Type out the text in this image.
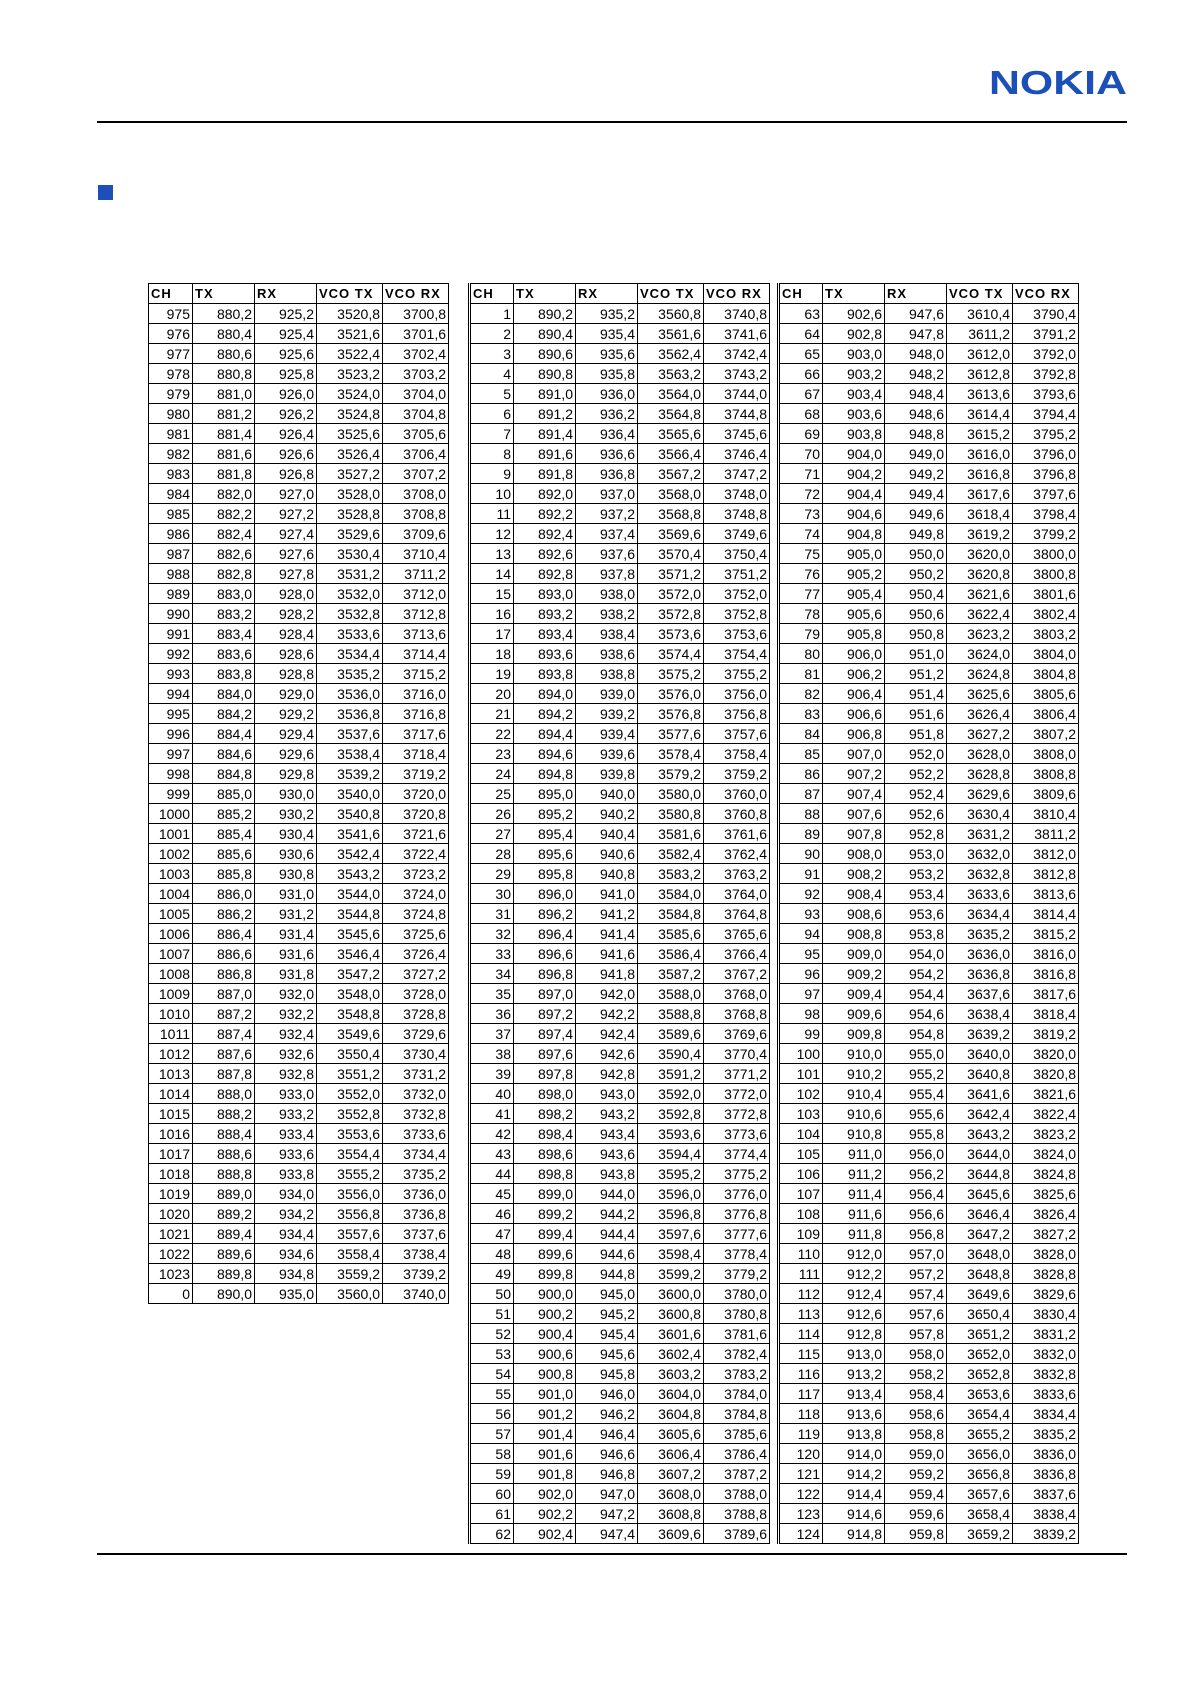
NOKIA
CH	TX	RX	VCO TX	VCO RX
975	880,2	925,2	3520,8	3700,8
976	880,4	925,4	3521,6	3701,6
977	880,6	925,6	3522,4	3702,4
978	880,8	925,8	3523,2	3703,2
979	881,0	926,0	3524,0	3704,0
980	881,2	926,2	3524,8	3704,8
981	881,4	926,4	3525,6	3705,6
982	881,6	926,6	3526,4	3706,4
983	881,8	926,8	3527,2	3707,2
984	882,0	927,0	3528,0	3708,0
985	882,2	927,2	3528,8	3708,8
986	882,4	927,4	3529,6	3709,6
987	882,6	927,6	3530,4	3710,4
988	882,8	927,8	3531,2	3711,2
989	883,0	928,0	3532,0	3712,0
990	883,2	928,2	3532,8	3712,8
991	883,4	928,4	3533,6	3713,6
992	883,6	928,6	3534,4	3714,4
993	883,8	928,8	3535,2	3715,2
994	884,0	929,0	3536,0	3716,0
995	884,2	929,2	3536,8	3716,8
996	884,4	929,4	3537,6	3717,6
997	884,6	929,6	3538,4	3718,4
998	884,8	929,8	3539,2	3719,2
999	885,0	930,0	3540,0	3720,0
1000	885,2	930,2	3540,8	3720,8
1001	885,4	930,4	3541,6	3721,6
1002	885,6	930,6	3542,4	3722,4
1003	885,8	930,8	3543,2	3723,2
1004	886,0	931,0	3544,0	3724,0
1005	886,2	931,2	3544,8	3724,8
1006	886,4	931,4	3545,6	3725,6
1007	886,6	931,6	3546,4	3726,4
1008	886,8	931,8	3547,2	3727,2
1009	887,0	932,0	3548,0	3728,0
1010	887,2	932,2	3548,8	3728,8
1011	887,4	932,4	3549,6	3729,6
1012	887,6	932,6	3550,4	3730,4
1013	887,8	932,8	3551,2	3731,2
1014	888,0	933,0	3552,0	3732,0
1015	888,2	933,2	3552,8	3732,8
1016	888,4	933,4	3553,6	3733,6
1017	888,6	933,6	3554,4	3734,4
1018	888,8	933,8	3555,2	3735,2
1019	889,0	934,0	3556,0	3736,0
1020	889,2	934,2	3556,8	3736,8
1021	889,4	934,4	3557,6	3737,6
1022	889,6	934,6	3558,4	3738,4
1023	889,8	934,8	3559,2	3739,2
0	890,0	935,0	3560,0	3740,0
CH	TX	RX	VCO TX	VCO RX
1	890,2	935,2	3560,8	3740,8
2	890,4	935,4	3561,6	3741,6
3	890,6	935,6	3562,4	3742,4
4	890,8	935,8	3563,2	3743,2
5	891,0	936,0	3564,0	3744,0
6	891,2	936,2	3564,8	3744,8
7	891,4	936,4	3565,6	3745,6
8	891,6	936,6	3566,4	3746,4
9	891,8	936,8	3567,2	3747,2
10	892,0	937,0	3568,0	3748,0
11	892,2	937,2	3568,8	3748,8
12	892,4	937,4	3569,6	3749,6
13	892,6	937,6	3570,4	3750,4
14	892,8	937,8	3571,2	3751,2
15	893,0	938,0	3572,0	3752,0
16	893,2	938,2	3572,8	3752,8
17	893,4	938,4	3573,6	3753,6
18	893,6	938,6	3574,4	3754,4
19	893,8	938,8	3575,2	3755,2
20	894,0	939,0	3576,0	3756,0
21	894,2	939,2	3576,8	3756,8
22	894,4	939,4	3577,6	3757,6
23	894,6	939,6	3578,4	3758,4
24	894,8	939,8	3579,2	3759,2
25	895,0	940,0	3580,0	3760,0
26	895,2	940,2	3580,8	3760,8
27	895,4	940,4	3581,6	3761,6
28	895,6	940,6	3582,4	3762,4
29	895,8	940,8	3583,2	3763,2
30	896,0	941,0	3584,0	3764,0
31	896,2	941,2	3584,8	3764,8
32	896,4	941,4	3585,6	3765,6
33	896,6	941,6	3586,4	3766,4
34	896,8	941,8	3587,2	3767,2
35	897,0	942,0	3588,0	3768,0
36	897,2	942,2	3588,8	3768,8
37	897,4	942,4	3589,6	3769,6
38	897,6	942,6	3590,4	3770,4
39	897,8	942,8	3591,2	3771,2
40	898,0	943,0	3592,0	3772,0
41	898,2	943,2	3592,8	3772,8
42	898,4	943,4	3593,6	3773,6
43	898,6	943,6	3594,4	3774,4
44	898,8	943,8	3595,2	3775,2
45	899,0	944,0	3596,0	3776,0
46	899,2	944,2	3596,8	3776,8
47	899,4	944,4	3597,6	3777,6
48	899,6	944,6	3598,4	3778,4
49	899,8	944,8	3599,2	3779,2
50	900,0	945,0	3600,0	3780,0
51	900,2	945,2	3600,8	3780,8
52	900,4	945,4	3601,6	3781,6
53	900,6	945,6	3602,4	3782,4
54	900,8	945,8	3603,2	3783,2
55	901,0	946,0	3604,0	3784,0
56	901,2	946,2	3604,8	3784,8
57	901,4	946,4	3605,6	3785,6
58	901,6	946,6	3606,4	3786,4
59	901,8	946,8	3607,2	3787,2
60	902,0	947,0	3608,0	3788,0
61	902,2	947,2	3608,8	3788,8
62	902,4	947,4	3609,6	3789,6
CH	TX	RX	VCO TX	VCO RX
63	902,6	947,6	3610,4	3790,4
64	902,8	947,8	3611,2	3791,2
65	903,0	948,0	3612,0	3792,0
66	903,2	948,2	3612,8	3792,8
67	903,4	948,4	3613,6	3793,6
68	903,6	948,6	3614,4	3794,4
69	903,8	948,8	3615,2	3795,2
70	904,0	949,0	3616,0	3796,0
71	904,2	949,2	3616,8	3796,8
72	904,4	949,4	3617,6	3797,6
73	904,6	949,6	3618,4	3798,4
74	904,8	949,8	3619,2	3799,2
75	905,0	950,0	3620,0	3800,0
76	905,2	950,2	3620,8	3800,8
77	905,4	950,4	3621,6	3801,6
78	905,6	950,6	3622,4	3802,4
79	905,8	950,8	3623,2	3803,2
80	906,0	951,0	3624,0	3804,0
81	906,2	951,2	3624,8	3804,8
82	906,4	951,4	3625,6	3805,6
83	906,6	951,6	3626,4	3806,4
84	906,8	951,8	3627,2	3807,2
85	907,0	952,0	3628,0	3808,0
86	907,2	952,2	3628,8	3808,8
87	907,4	952,4	3629,6	3809,6
88	907,6	952,6	3630,4	3810,4
89	907,8	952,8	3631,2	3811,2
90	908,0	953,0	3632,0	3812,0
91	908,2	953,2	3632,8	3812,8
92	908,4	953,4	3633,6	3813,6
93	908,6	953,6	3634,4	3814,4
94	908,8	953,8	3635,2	3815,2
95	909,0	954,0	3636,0	3816,0
96	909,2	954,2	3636,8	3816,8
97	909,4	954,4	3637,6	3817,6
98	909,6	954,6	3638,4	3818,4
99	909,8	954,8	3639,2	3819,2
100	910,0	955,0	3640,0	3820,0
101	910,2	955,2	3640,8	3820,8
102	910,4	955,4	3641,6	3821,6
103	910,6	955,6	3642,4	3822,4
104	910,8	955,8	3643,2	3823,2
105	911,0	956,0	3644,0	3824,0
106	911,2	956,2	3644,8	3824,8
107	911,4	956,4	3645,6	3825,6
108	911,6	956,6	3646,4	3826,4
109	911,8	956,8	3647,2	3827,2
110	912,0	957,0	3648,0	3828,0
111	912,2	957,2	3648,8	3828,8
112	912,4	957,4	3649,6	3829,6
113	912,6	957,6	3650,4	3830,4
114	912,8	957,8	3651,2	3831,2
115	913,0	958,0	3652,0	3832,0
116	913,2	958,2	3652,8	3832,8
117	913,4	958,4	3653,6	3833,6
118	913,6	958,6	3654,4	3834,4
119	913,8	958,8	3655,2	3835,2
120	914,0	959,0	3656,0	3836,0
121	914,2	959,2	3656,8	3836,8
122	914,4	959,4	3657,6	3837,6
123	914,6	959,6	3658,4	3838,4
124	914,8	959,8	3659,2	3839,2
